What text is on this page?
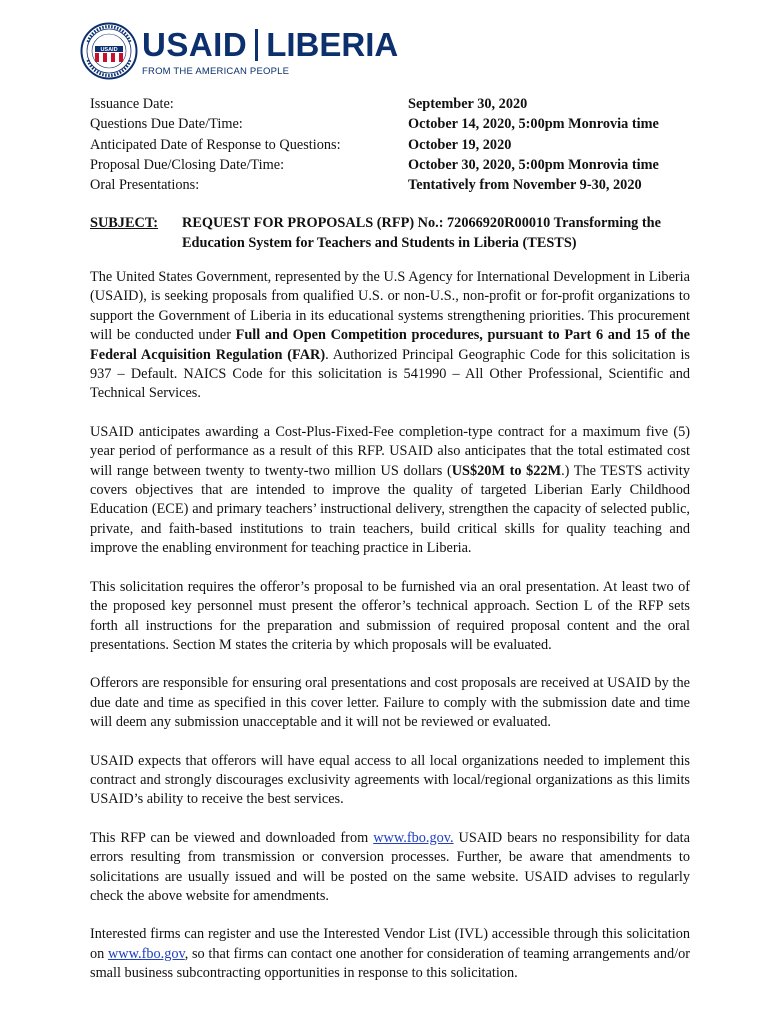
USAID USAID LIBERIA
FROM THE AMERICAN PEOPLE
Issuance Date:	September 30, 2020
Questions Due Date/Time:	October 14, 2020, 5:00pm Monrovia time
Anticipated Date of Response to Questions:	October 19, 2020
Proposal Due/Closing Date/Time:	October 30, 2020, 5:00pm Monrovia time
Oral Presentations:	Tentatively from November 9-30, 2020
SUBJECT:	REQUEST FOR PROPOSALS (RFP) No.: 72066920R00010 Transforming the
Education System for Teachers and Students in Liberia (TESTS)

The United States Government, represented by the U.S Agency for International Development in Liberia (USAID), is seeking proposals from qualified U.S. or non-U.S., non-profit or for-profit organizations to support the Government of Liberia in its educational systems strengthening priorities. This procurement will be conducted under Full and Open Competition procedures, pursuant to Part 6 and 15 of the Federal Acquisition Regulation (FAR). Authorized Principal Geographic Code for this solicitation is 937 – Default. NAICS Code for this solicitation is 541990 – All Other Professional, Scientific and Technical Services.

USAID anticipates awarding a Cost-Plus-Fixed-Fee completion-type contract for a maximum five (5) year period of performance as a result of this RFP. USAID also anticipates that the total estimated cost will range between twenty to twenty-two million US dollars (US$20M to $22M.) The TESTS activity covers objectives that are intended to improve the quality of targeted Liberian Early Childhood Education (ECE) and primary teachers’ instructional delivery, strengthen the capacity of selected public, private, and faith-based institutions to train teachers, build critical skills for quality teaching and improve the enabling environment for teaching practice in Liberia.

This solicitation requires the offeror’s proposal to be furnished via an oral presentation. At least two of the proposed key personnel must present the offeror’s technical approach. Section L of the RFP sets forth all instructions for the preparation and submission of required proposal content and the oral presentations. Section M states the criteria by which proposals will be evaluated.

Offerors are responsible for ensuring oral presentations and cost proposals are received at USAID by the due date and time as specified in this cover letter. Failure to comply with the submission date and time will deem any submission unacceptable and it will not be reviewed or evaluated.

USAID expects that offerors will have equal access to all local organizations needed to implement this contract and strongly discourages exclusivity agreements with local/regional organizations as this limits USAID’s ability to receive the best services.

This RFP can be viewed and downloaded from www.fbo.gov. USAID bears no responsibility for data errors resulting from transmission or conversion processes. Further, be aware that amendments to solicitations are usually issued and will be posted on the same website. USAID advises to regularly check the above website for amendments.

Interested firms can register and use the Interested Vendor List (IVL) accessible through this solicitation on www.fbo.gov, so that firms can contact one another for consideration of teaming arrangements and/or small business subcontracting opportunities in response to this solicitation.
